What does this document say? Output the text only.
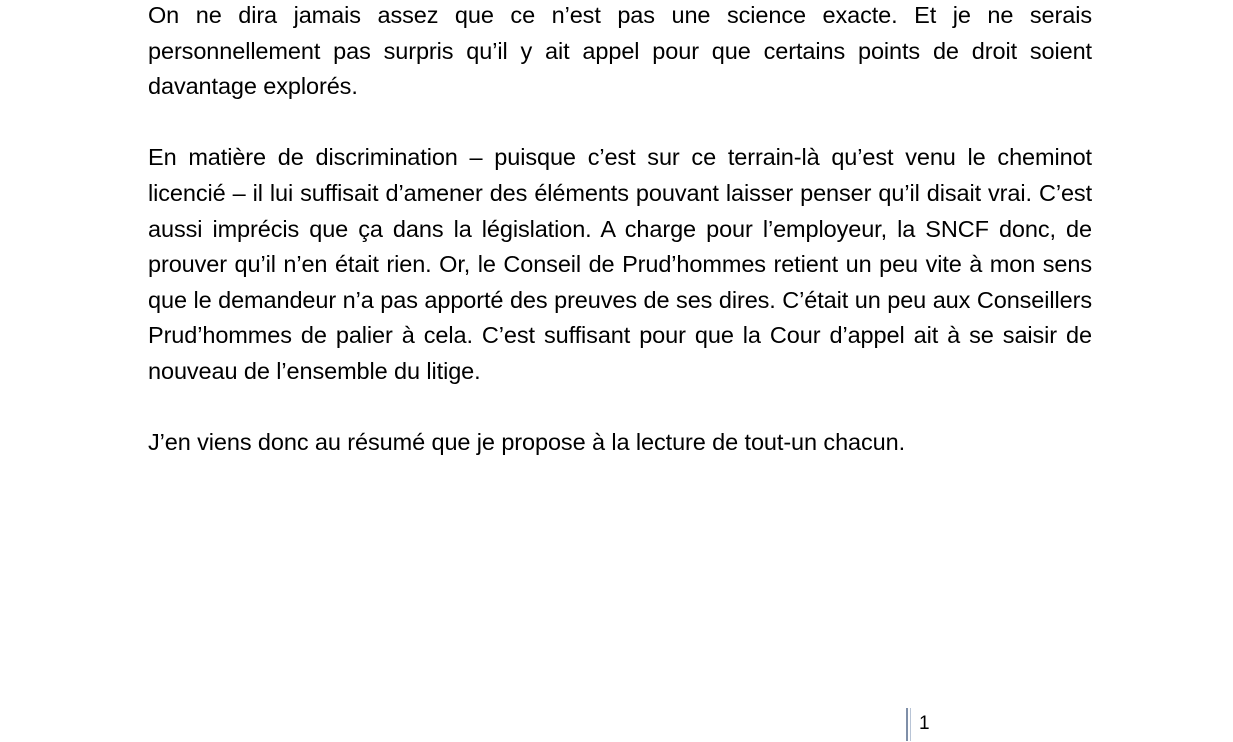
On ne dira jamais assez que ce n’est pas une science exacte. Et je ne serais personnellement pas surpris qu’il y ait appel pour que certains points de droit soient davantage explorés.

En matière de discrimination – puisque c’est sur ce terrain-là qu’est venu le cheminot licencié – il lui suffisait d’amener des éléments pouvant laisser penser qu’il disait vrai. C’est aussi imprécis que ça dans la législation. A charge pour l’employeur, la SNCF donc, de prouver qu’il n’en était rien. Or, le Conseil de Prud’hommes retient un peu vite à mon sens que le demandeur n’a pas apporté des preuves de ses dires. C’était un peu aux Conseillers Prud’hommes de palier à cela. C’est suffisant pour que la Cour d’appel ait à se saisir de nouveau de l’ensemble du litige.

J’en viens donc au résumé que je propose à la lecture de tout-un chacun.

1
